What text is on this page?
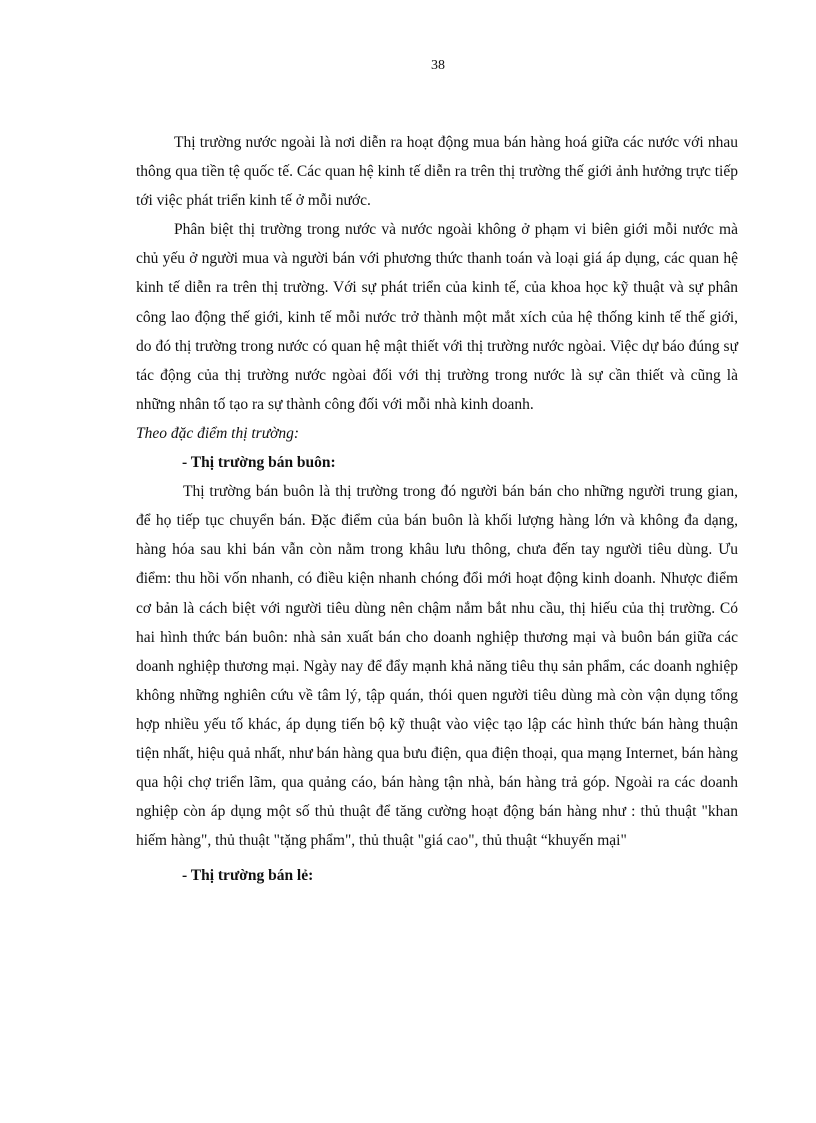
38

Thị trường nước ngoài là nơi diễn ra hoạt động mua bán hàng hoá giữa các nước với nhau thông qua tiền tệ quốc tế. Các quan hệ kinh tế diễn ra trên thị trường thế giới ảnh hưởng trực tiếp tới việc phát triển kinh tế ở mỗi nước.

Phân biệt thị trường trong nước và nước ngoài không ở phạm vi biên giới mỗi nước mà chủ yếu ở người mua và người bán với phương thức thanh toán và loại giá áp dụng, các quan hệ kinh tế diễn ra trên thị trường. Với sự phát triển của kinh tế, của khoa học kỹ thuật và sự phân công lao động thế giới, kinh tế mỗi nước trở thành một mắt xích của hệ thống kinh tế thế giới, do đó thị trường trong nước có quan hệ mật thiết với thị trường nước ngòai. Việc dự báo đúng sự tác động của thị trường nước ngòai đối với thị trường trong nước là sự cần thiết và cũng là những nhân tố tạo ra sự thành công đối với mỗi nhà kinh doanh.

Theo đặc điểm thị trường:

- Thị trường bán buôn:

Thị trường bán buôn là thị trường trong đó người bán bán cho những người trung gian, để họ tiếp tục chuyển bán. Đặc điểm của bán buôn là khối lượng hàng lớn và không đa dạng, hàng hóa sau khi bán vẫn còn nằm trong khâu lưu thông, chưa đến tay người tiêu dùng. Ưu điểm: thu hồi vốn nhanh, có điều kiện nhanh chóng đổi mới hoạt động kinh doanh. Nhược điểm cơ bản là cách biệt với người tiêu dùng nên chậm nắm bắt nhu cầu, thị hiếu của thị trường. Có hai hình thức bán buôn: nhà sản xuất bán cho doanh nghiệp thương mại và buôn bán giữa các doanh nghiệp thương mại. Ngày nay để đẩy mạnh khả năng tiêu thụ sản phẩm, các doanh nghiệp không những nghiên cứu về tâm lý, tập quán, thói quen người tiêu dùng mà còn vận dụng tổng hợp nhiều yếu tố khác, áp dụng tiến bộ kỹ thuật vào việc tạo lập các hình thức bán hàng thuận tiện nhất, hiệu quả nhất, như bán hàng qua bưu điện, qua điện thoại, qua mạng Internet, bán hàng qua hội chợ triển lãm, qua quảng cáo, bán hàng tận nhà, bán hàng trả góp. Ngoài ra các doanh nghiệp còn áp dụng một số thủ thuật để tăng cường hoạt động bán hàng như : thủ thuật "khan hiếm hàng", thủ thuật "tặng phẩm", thủ thuật "giá cao", thủ thuật “khuyến mại"

- Thị trường bán lẻ:
